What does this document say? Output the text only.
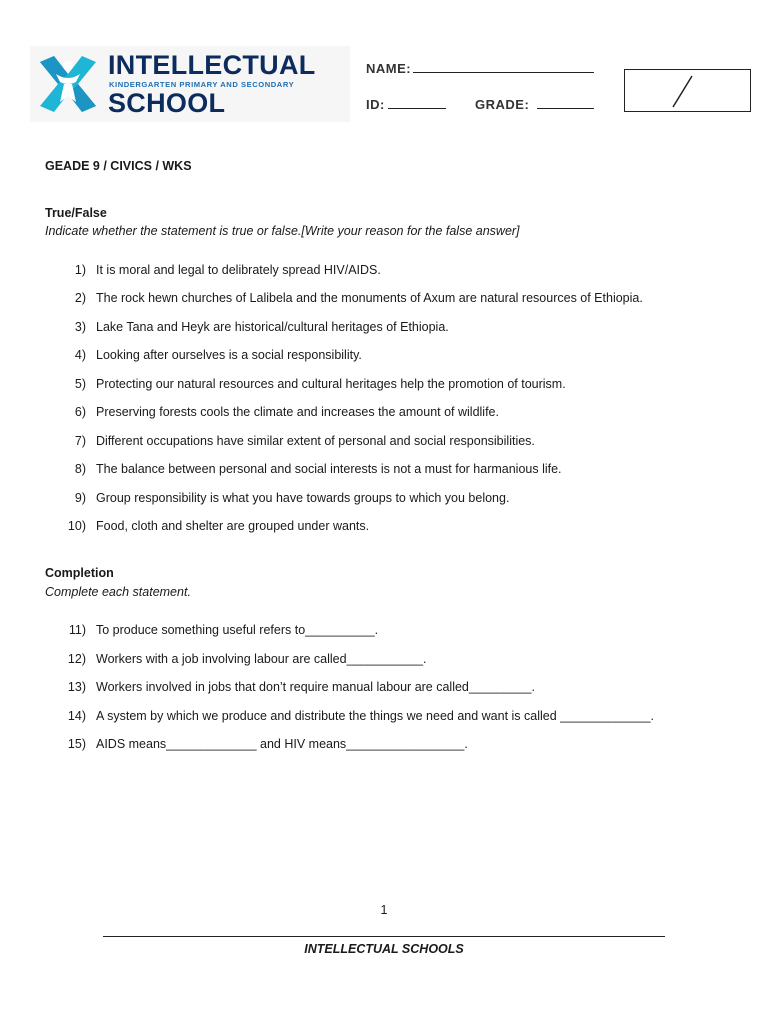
INTELLECTUAL
KINDERGARTEN PRIMARY AND SECONDARY
SCHOOL
NAME:
ID:	GRADE:
GEADE 9 / CIVICS / WKS
True/False
Indicate whether the statement is true or false.[Write your reason for the false answer]
1) It is moral and legal to delibrately spread HIV/AIDS.
2) The rock hewn churches of Lalibela and the monuments of Axum are natural resources of Ethiopia.
3) Lake Tana and Heyk are historical/cultural heritages of Ethiopia.
4) Looking after ourselves is a social responsibility.
5) Protecting our natural resources and cultural heritages help the promotion of tourism.
6) Preserving forests cools the climate and increases the amount of wildlife.
7) Different occupations have similar extent of personal and social responsibilities.
8) The balance between personal and social interests is not a must for harmanious life.
9) Group responsibility is what you have towards groups to which you belong.
10) Food, cloth and shelter are grouped under wants.
Completion
Complete each statement.
11) To produce something useful refers to__________.
12) Workers with a job involving labour are called___________.
13) Workers involved in jobs that don’t require manual labour are called_________.
14) A system by which we produce and distribute the things we need and want is called _____________.
15) AIDS means_____________ and HIV means_________________.
1
INTELLECTUAL SCHOOLS
